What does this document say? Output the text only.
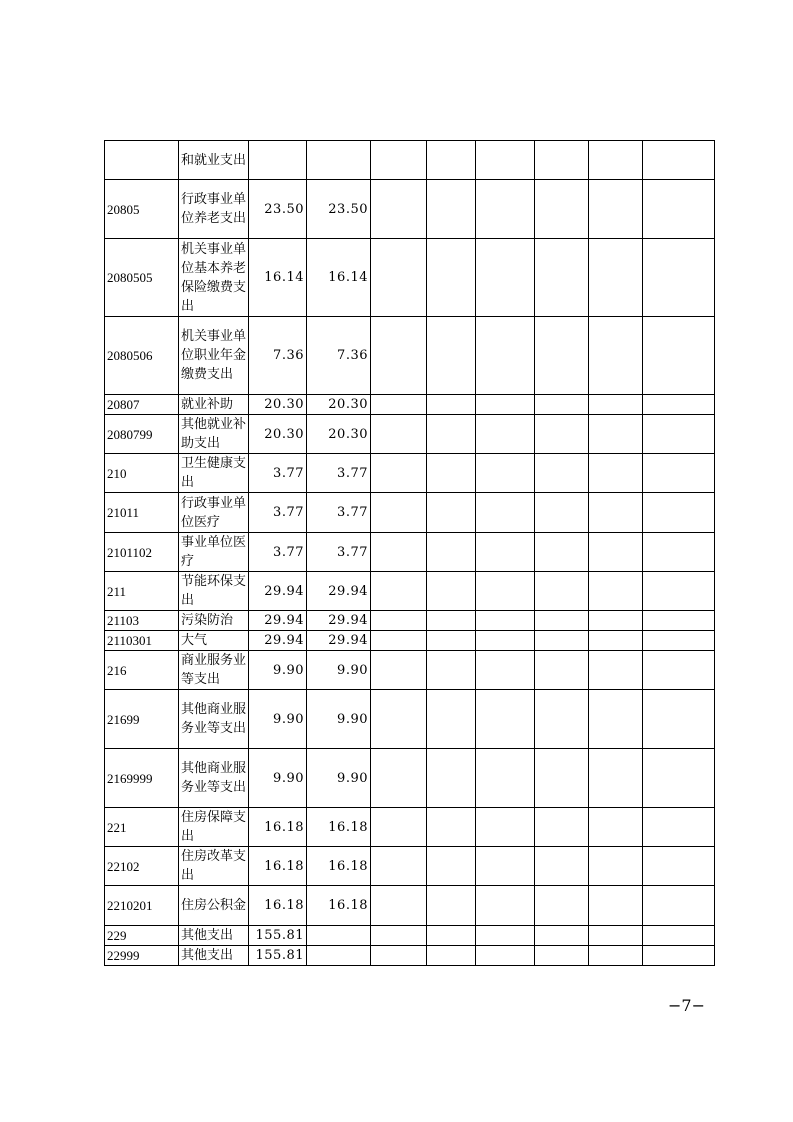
	和就业支出								
20805	行政事业单位养老支出	23.50	23.50						
2080505	机关事业单位基本养老保险缴费支出	16.14	16.14						
2080506	机关事业单位职业年金缴费支出	7.36	7.36						
20807	就业补助	20.30	20.30						
2080799	其他就业补助支出	20.30	20.30						
210	卫生健康支出	3.77	3.77						
21011	行政事业单位医疗	3.77	3.77						
2101102	事业单位医疗	3.77	3.77						
211	节能环保支出	29.94	29.94						
21103	污染防治	29.94	29.94						
2110301	大气	29.94	29.94						
216	商业服务业等支出	9.90	9.90						
21699	其他商业服务业等支出	9.90	9.90						
2169999	其他商业服务业等支出	9.90	9.90						
221	住房保障支出	16.18	16.18						
22102	住房改革支出	16.18	16.18						
2210201	住房公积金	16.18	16.18						
229	其他支出	155.81							
22999	其他支出	155.81							
−7−
